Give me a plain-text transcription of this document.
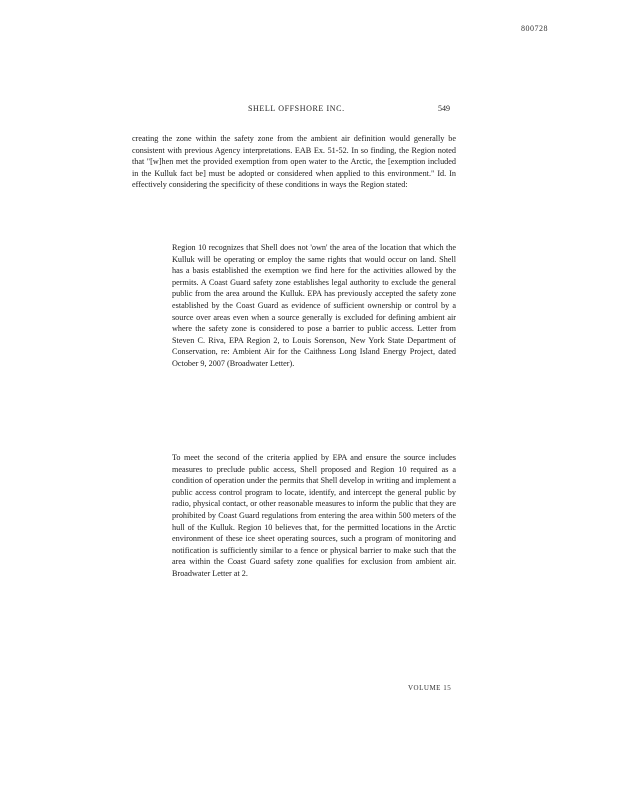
800728
SHELL OFFSHORE INC.	549

creating the zone within the safety zone from the ambient air definition would generally be consistent with previous Agency interpretations. EAB Ex. 51-52. In so finding, the Region noted that "[w]hen met the provided exemption from open water to the Arctic, the [exemption included in the Kulluk fact be] must be adopted or considered when applied to this environment." Id. In effectively considering the specificity of these conditions in ways the Region stated:

Region 10 recognizes that Shell does not 'own' the area of the location that which the Kulluk will be operating or employ the same rights that would occur on land. Shell has a basis established the exemption we find here for the activities allowed by the permits. A Coast Guard safety zone establishes legal authority to exclude the general public from the area around the Kulluk. EPA has previously accepted the safety zone established by the Coast Guard as evidence of sufficient ownership or control by a source over areas even when a source generally is excluded for defining ambient air where the safety zone is considered to pose a barrier to public access. Letter from Steven C. Riva, EPA Region 2, to Louis Sorenson, New York State Department of Conservation, re: Ambient Air for the Caithness Long Island Energy Project, dated October 9, 2007 (Broadwater Letter).

To meet the second of the criteria applied by EPA and ensure the source includes measures to preclude public access, Shell proposed and Region 10 required as a condition of operation under the permits that Shell develop in writing and implement a public access control program to locate, identify, and intercept the general public by radio, physical contact, or other reasonable measures to inform the public that they are prohibited by Coast Guard regulations from entering the area within 500 meters of the hull of the Kulluk. Region 10 believes that, for the permitted locations in the Arctic environment of these ice sheet operating sources, such a program of monitoring and notification is sufficiently similar to a fence or physical barrier to make such that the area within the Coast Guard safety zone qualifies for exclusion from ambient air. Broadwater Letter at 2.

VOLUME 15
